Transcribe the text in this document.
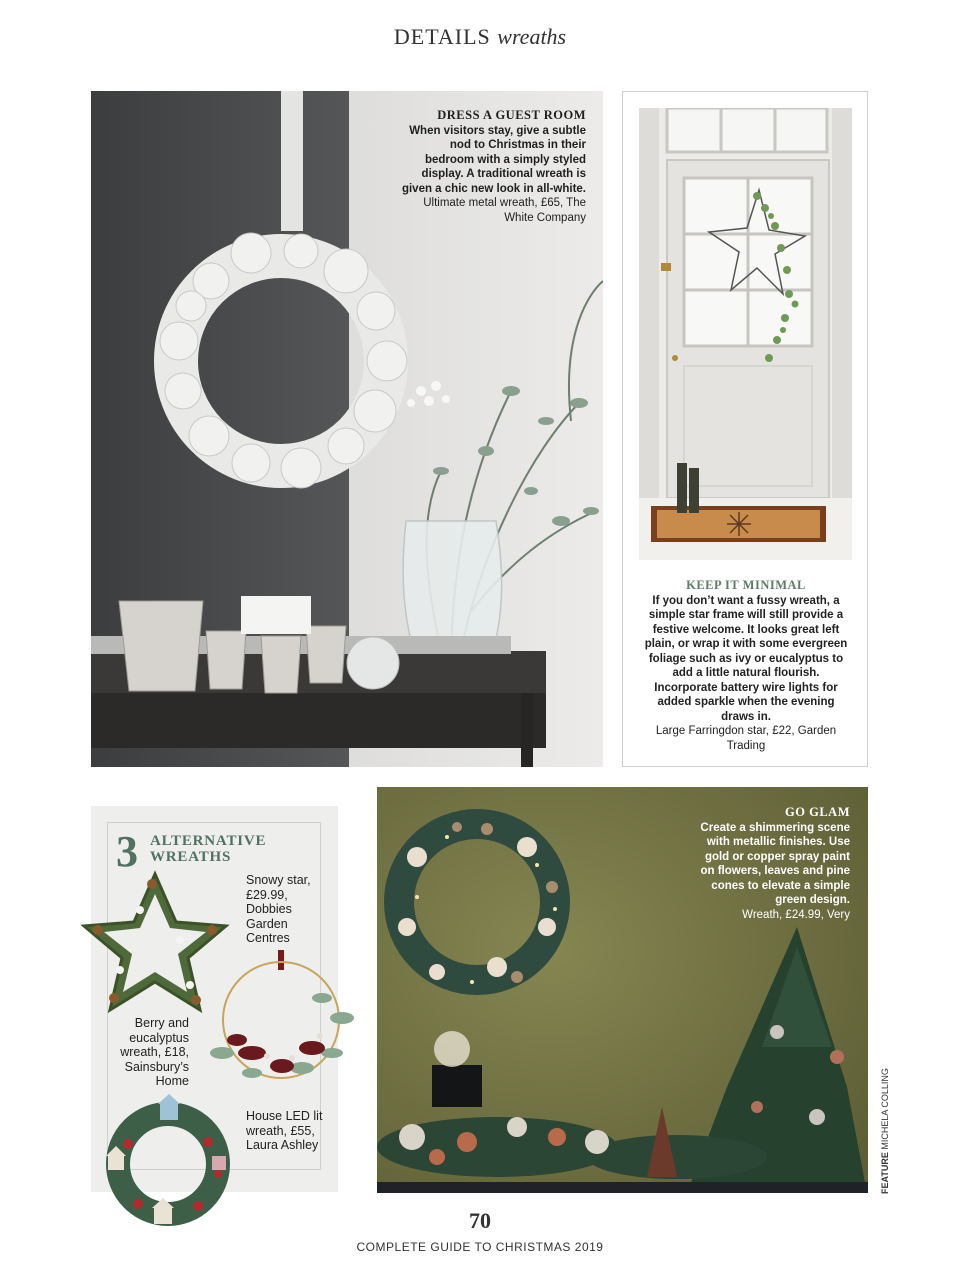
DETAILS wreaths
DRESS A GUEST ROOM
When visitors stay, give a subtle nod to Christmas in their bedroom with a simply styled display. A traditional wreath is given a chic new look in all-white.
Ultimate metal wreath, £65, The White Company
KEEP IT MINIMAL
If you don’t want a fussy wreath, a simple star frame will still provide a festive welcome. It looks great left plain, or wrap it with some evergreen foliage such as ivy or eucalyptus to add a little natural flourish. Incorporate battery wire lights for added sparkle when the evening draws in.
Large Farringdon star, £22, Garden Trading
3 ALTERNATIVE
WREATHS
Snowy star, £29.99, Dobbies Garden Centres
Berry and eucalyptus wreath, £18, Sainsbury’s Home
House LED lit wreath, £55, Laura Ashley
GO GLAM
Create a shimmering scene with metallic finishes. Use gold or copper spray paint on flowers, leaves and pine cones to elevate a simple green design.
Wreath, £24.99, Very
FEATURE MICHELA COLLING
70
COMPLETE GUIDE TO CHRISTMAS 2019
